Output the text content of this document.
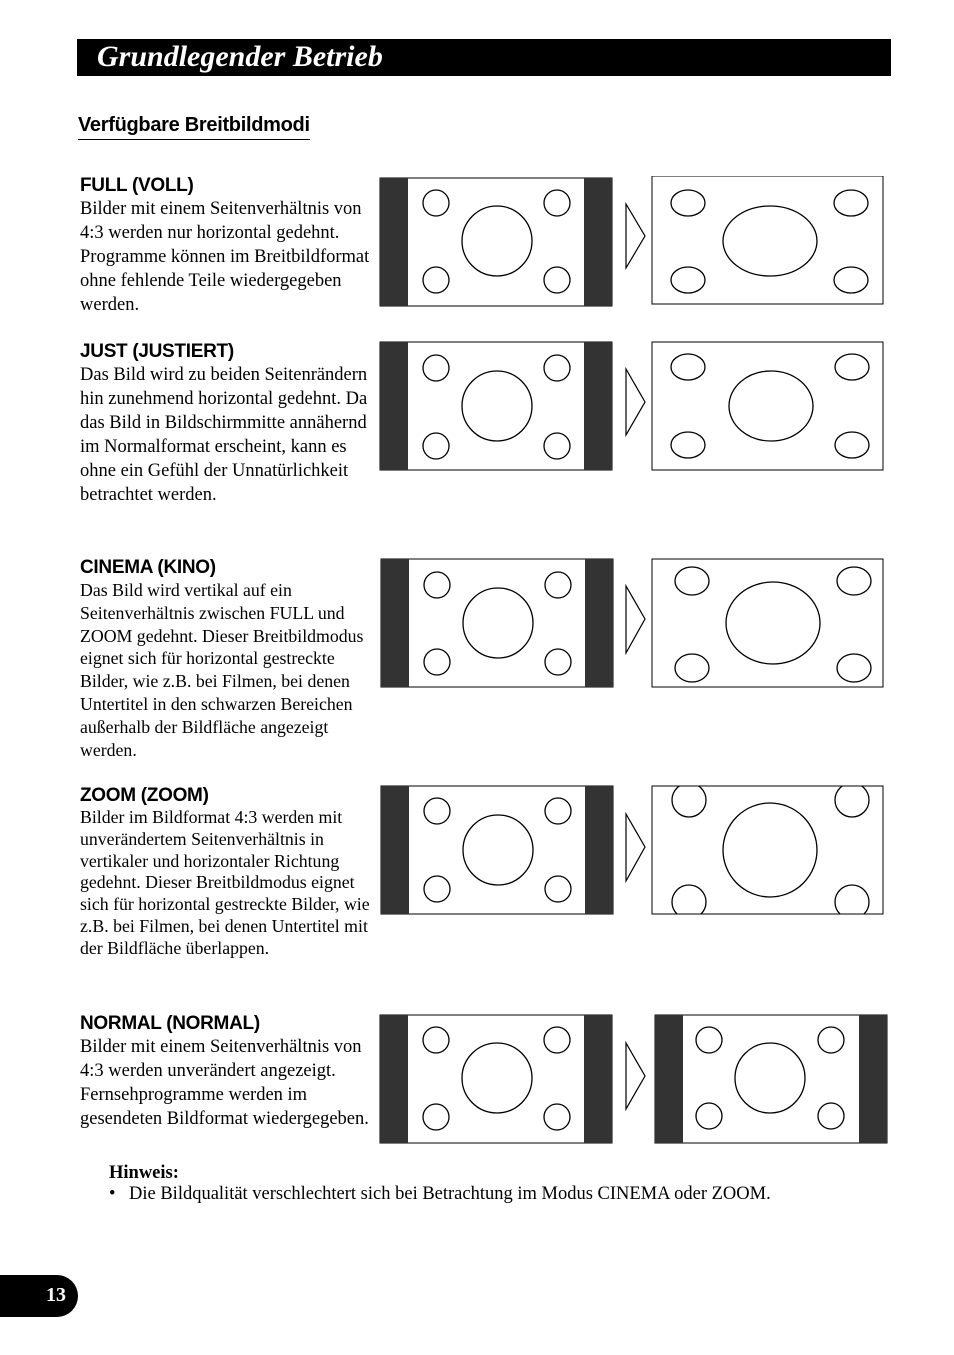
Grundlegender Betrieb
Verfügbare Breitbildmodi
FULL (VOLL)

Bilder mit einem Seitenverhältnis von 4:3 werden nur horizontal gedehnt. Programme können im Breitbildformat ohne fehlende Teile wiedergegeben werden.

JUST (JUSTIERT)

Das Bild wird zu beiden Seitenrändern hin zunehmend horizontal gedehnt. Da das Bild in Bildschirmmitte annähernd im Normalformat erscheint, kann es ohne ein Gefühl der Unnatürlichkeit betrachtet werden.

CINEMA (KINO)

Das Bild wird vertikal auf ein Seitenverhältnis zwischen FULL und ZOOM gedehnt. Dieser Breitbildmodus eignet sich für horizontal gestreckte Bilder, wie z.B. bei Filmen, bei denen Untertitel in den schwarzen Bereichen außerhalb der Bildfläche angezeigt werden.

ZOOM (ZOOM)

Bilder im Bildformat 4:3 werden mit unverändertem Seitenverhältnis in vertikaler und horizontaler Richtung gedehnt. Dieser Breitbildmodus eignet sich für horizontal gestreckte Bilder, wie z.B. bei Filmen, bei denen Untertitel mit der Bildfläche überlappen.

NORMAL (NORMAL)

Bilder mit einem Seitenverhältnis von 4:3 werden unverändert angezeigt. Fernsehprogramme werden im gesendeten Bildformat wiedergegeben.

Hinweis:
• Die Bildqualität verschlechtert sich bei Betrachtung im Modus CINEMA oder ZOOM.
13
